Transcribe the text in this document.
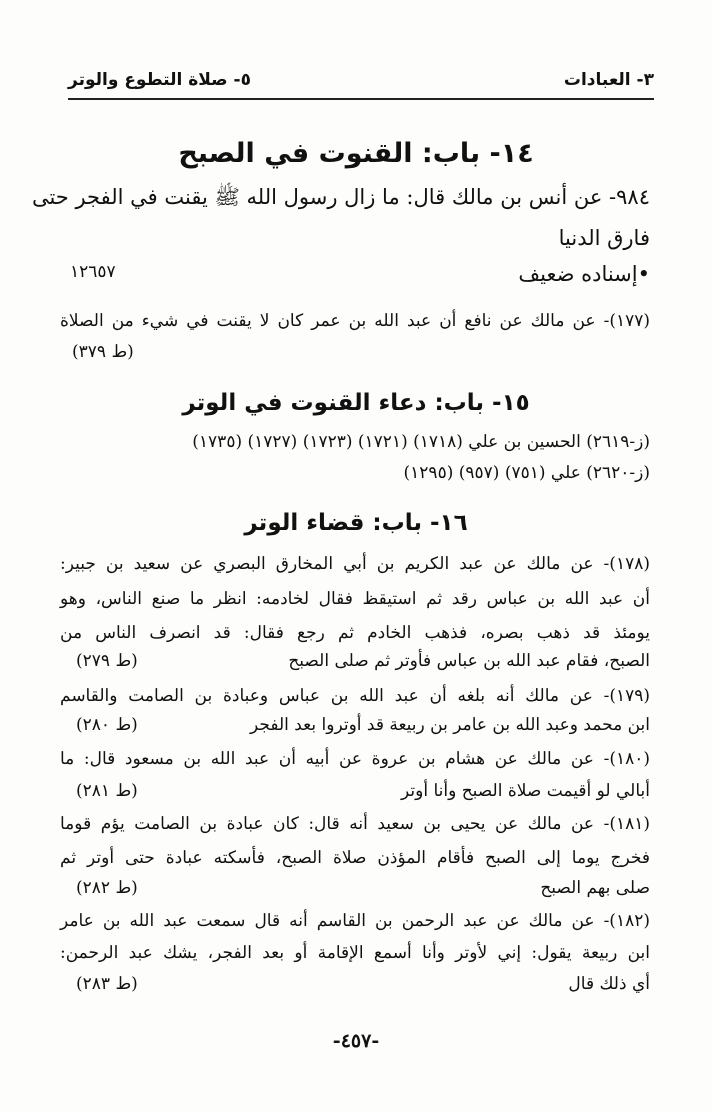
٣- العبادات
٥- صلاة التطوع والوتر
١٤- باب: القنوت في الصبح
٩٨٤- عن أنس بن مالك قال: ما زال رسول الله ﷺ يقنت في الفجر حتى
فارق الدنيا
•إسناده ضعيف
١٢٦٥٧
(١٧٧)- عن مالك عن نافع أن عبد الله بن عمر كان لا يقنت في شيء من الصلاة
(ط ٣٧٩)
١٥- باب: دعاء القنوت في الوتر
(ز-٢٦١٩) الحسين بن علي (١٧١٨) (١٧٢١) (١٧٢٣) (١٧٢٧) (١٧٣٥)
(ز-٢٦٢٠) علي (٧٥١) (٩٥٧) (١٢٩٥)
١٦- باب: قضاء الوتر
(١٧٨)- عن مالك عن عبد الكريم بن أبي المخارق البصري عن سعيد بن جبير:
أن عبد الله بن عباس رقد ثم استيقظ فقال لخادمه: انظر ما صنع الناس، وهو
يومئذ قد ذهب بصره، فذهب الخادم ثم رجع فقال: قد انصرف الناس من
الصبح، فقام عبد الله بن عباس فأوتر ثم صلى الصبح
(ط ٢٧٩)
(١٧٩)- عن مالك أنه بلغه أن عبد الله بن عباس وعبادة بن الصامت والقاسم
ابن محمد وعبد الله بن عامر بن ربيعة قد أوتروا بعد الفجر
(ط ٢٨٠)
(١٨٠)- عن مالك عن هشام بن عروة عن أبيه أن عبد الله بن مسعود قال: ما
أبالي لو أقيمت صلاة الصبح وأنا أوتر
(ط ٢٨١)
(١٨١)- عن مالك عن يحيى بن سعيد أنه قال: كان عبادة بن الصامت يؤم قوما
فخرج يوما إلى الصبح فأقام المؤذن صلاة الصبح، فأسكته عبادة حتى أوتر ثم
صلى بهم الصبح
(ط ٢٨٢)
(١٨٢)- عن مالك عن عبد الرحمن بن القاسم أنه قال سمعت عبد الله بن عامر
ابن ربيعة يقول: إني لأوتر وأنا أسمع الإقامة أو بعد الفجر، يشك عبد الرحمن:
أي ذلك قال
(ط ٢٨٣)
-٤٥٧-
